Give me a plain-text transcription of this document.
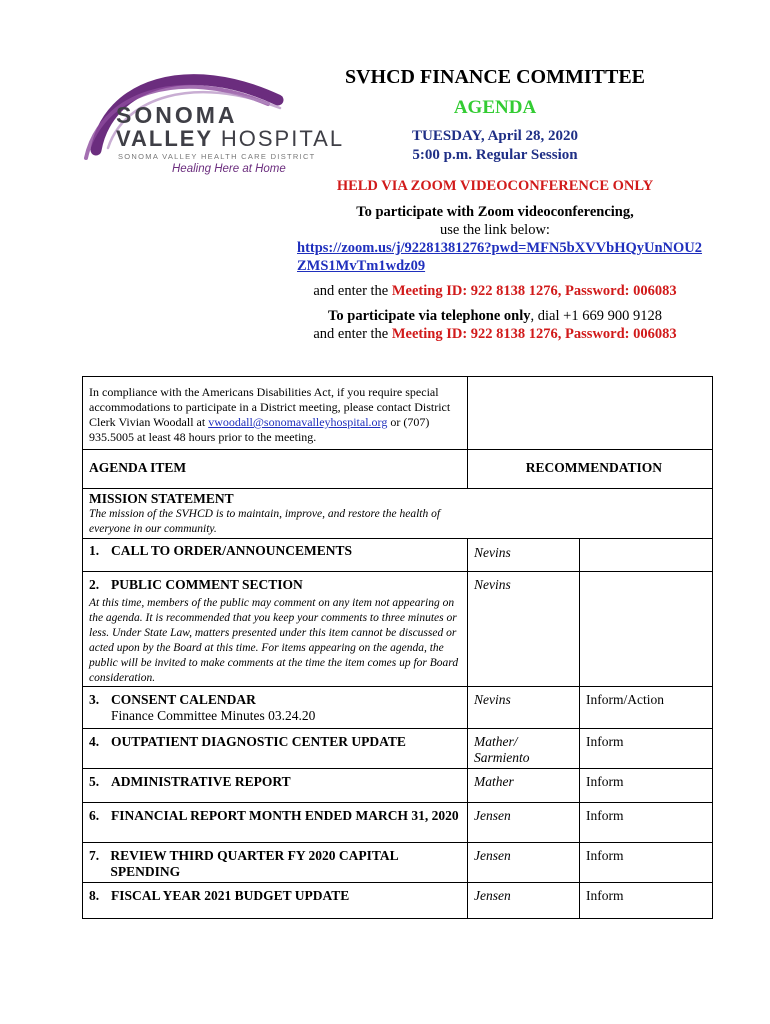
SONOMA
VALLEY HOSPITAL
SONOMA VALLEY HEALTH CARE DISTRICT
Healing Here at Home
SVHCD FINANCE COMMITTEE
AGENDA
TUESDAY, April 28, 2020
5:00 p.m. Regular Session
HELD VIA ZOOM VIDEOCONFERENCE ONLY
To participate with Zoom videoconferencing,
use the link below:
https://zoom.us/j/92281381276?pwd=MFN5bXVVbHQyUnNOU2ZMS1MvTm1wdz09
and enter the Meeting ID: 922 8138 1276, Password: 006083
To participate via telephone only, dial +1 669 900 9128
and enter the Meeting ID: 922 8138 1276, Password: 006083
In compliance with the Americans Disabilities Act, if you require special accommodations to participate in a District meeting, please contact District Clerk Vivian Woodall at vwoodall@sonomavalleyhospital.org or (707) 935.5005 at least 48 hours prior to the meeting.		
AGENDA ITEM	RECOMMENDATION	

MISSION STATEMENT
The mission of the SVHCD is to maintain, improve, and restore the health of everyone in our community.		

1. CALL TO ORDER/ANNOUNCEMENTS	Nevins	

2. PUBLIC COMMENT SECTION
At this time, members of the public may comment on any item not appearing on the agenda. It is recommended that you keep your comments to three minutes or less. Under State Law, matters presented under this item cannot be discussed or acted upon by the Board at this time. For items appearing on the agenda, the public will be invited to make comments at the time the item comes up for Board consideration.	Nevins	

3. CONSENT CALENDAR
Finance Committee Minutes 03.24.20	Nevins	Inform/Action

4. OUTPATIENT DIAGNOSTIC CENTER UPDATE	Mather/ Sarmiento	Inform

5. ADMINISTRATIVE REPORT	Mather	Inform

6. FINANCIAL REPORT MONTH ENDED MARCH 31, 2020	Jensen	Inform

7. REVIEW THIRD QUARTER FY 2020 CAPITAL SPENDING	Jensen	Inform

8. FISCAL YEAR 2021 BUDGET UPDATE	Jensen	Inform
